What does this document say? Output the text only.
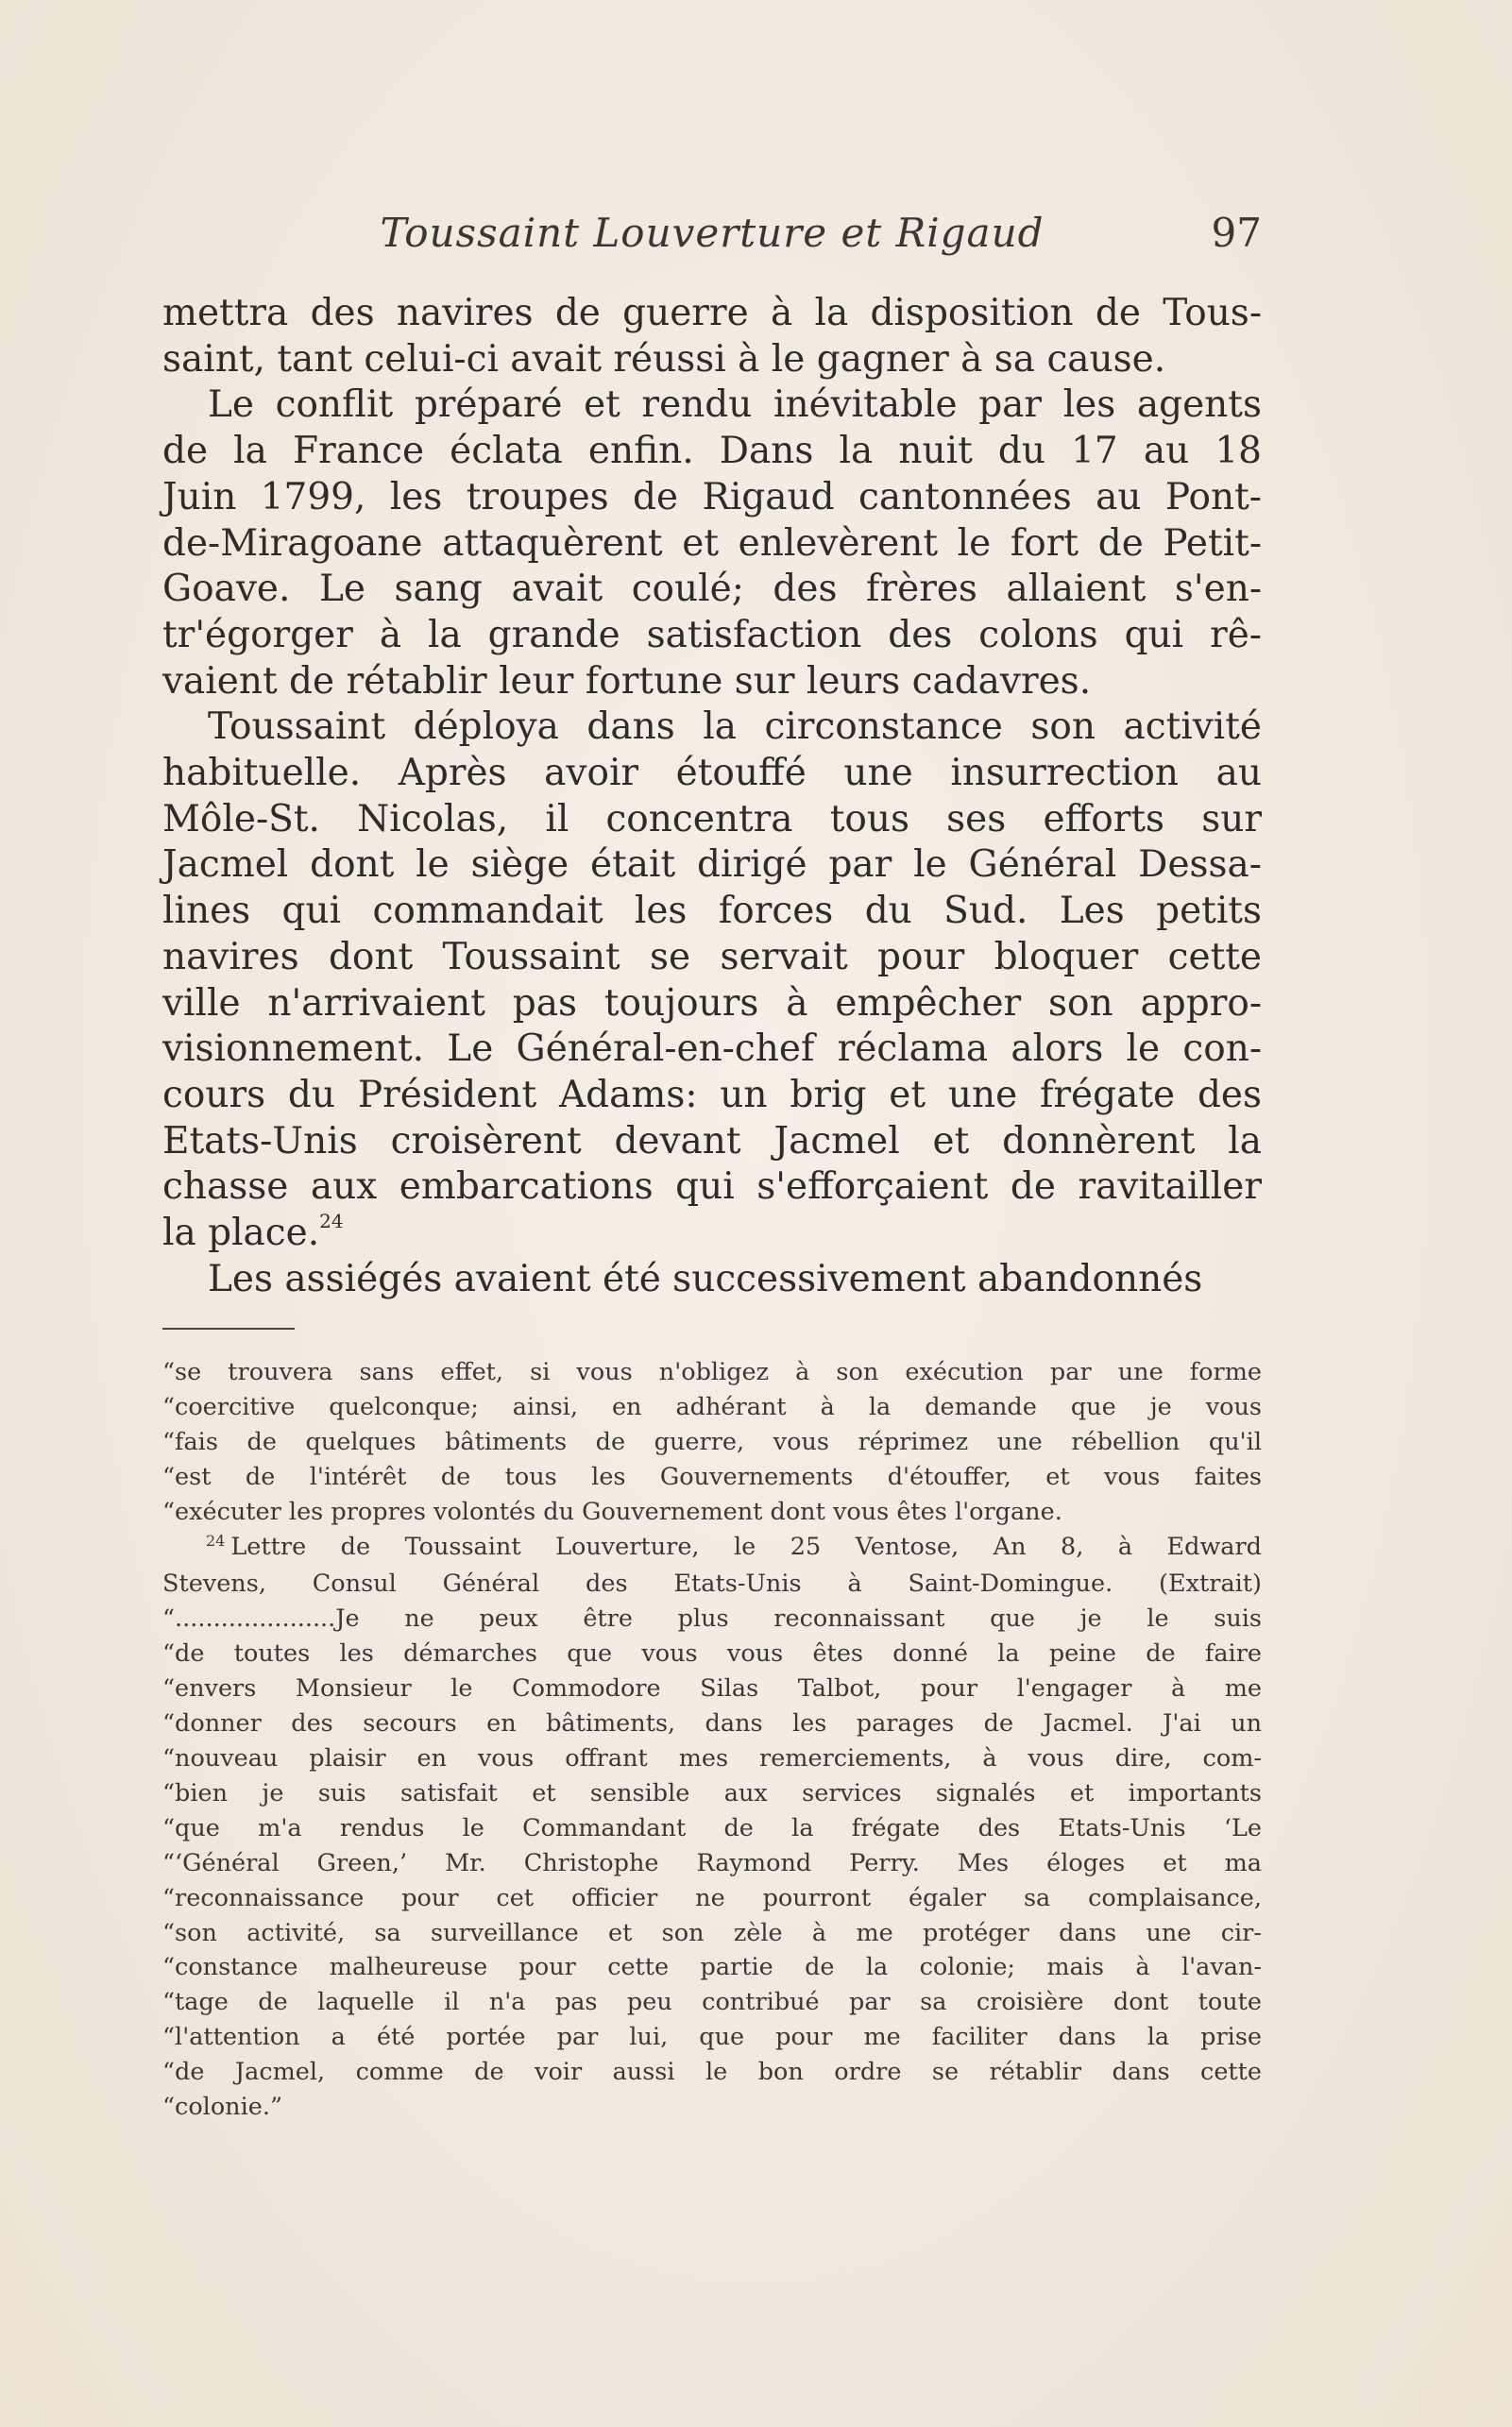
Toussaint Louverture et Rigaud	97
mettra des navires de guerre à la disposition de Tous-
saint, tant celui-ci avait réussi à le gagner à sa cause.
Le conflit préparé et rendu inévitable par les agents
de la France éclata enfin. Dans la nuit du 17 au 18
Juin 1799, les troupes de Rigaud cantonnées au Pont-
de-Miragoane attaquèrent et enlevèrent le fort de Petit-
Goave. Le sang avait coulé; des frères allaient s'en-
tr'égorger à la grande satisfaction des colons qui rê-
vaient de rétablir leur fortune sur leurs cadavres.
Toussaint déploya dans la circonstance son activité
habituelle. Après avoir étouffé une insurrection au
Môle-St. Nicolas, il concentra tous ses efforts sur
Jacmel dont le siège était dirigé par le Général Dessa-
lines qui commandait les forces du Sud. Les petits
navires dont Toussaint se servait pour bloquer cette
ville n'arrivaient pas toujours à empêcher son appro-
visionnement. Le Général-en-chef réclama alors le con-
cours du Président Adams: un brig et une frégate des
Etats-Unis croisèrent devant Jacmel et donnèrent la
chasse aux embarcations qui s'efforçaient de ravitailler
la place.$^{24}$
Les assiégés avaient été successivement abandonnés
“se trouvera sans effet, si vous n'obligez à son exécution par une forme
“coercitive quelconque; ainsi, en adhérant à la demande que je vous
“fais de quelques bâtiments de guerre, vous réprimez une rébellion qu'il
“est de l'intérêt de tous les Gouvernements d'étouffer, et vous faites
“exécuter les propres volontés du Gouvernement dont vous êtes l'organe.
$^{24}$ Lettre de Toussaint Louverture, le 25 Ventose, An 8, à Edward
Stevens, Consul Général des Etats-Unis à Saint-Domingue. (Extrait)
“.....................Je ne peux être plus reconnaissant que je le suis
“de toutes les démarches que vous vous êtes donné la peine de faire
“envers Monsieur le Commodore Silas Talbot, pour l'engager à me
“donner des secours en bâtiments, dans les parages de Jacmel. J'ai un
“nouveau plaisir en vous offrant mes remerciements, à vous dire, com-
“bien je suis satisfait et sensible aux services signalés et importants
“que m'a rendus le Commandant de la frégate des Etats-Unis ‘Le
“‘Général Green,’ Mr. Christophe Raymond Perry. Mes éloges et ma
“reconnaissance pour cet officier ne pourront égaler sa complaisance,
“son activité, sa surveillance et son zèle à me protéger dans une cir-
“constance malheureuse pour cette partie de la colonie; mais à l'avan-
“tage de laquelle il n'a pas peu contribué par sa croisière dont toute
“l'attention a été portée par lui, que pour me faciliter dans la prise
“de Jacmel, comme de voir aussi le bon ordre se rétablir dans cette
“colonie.”
